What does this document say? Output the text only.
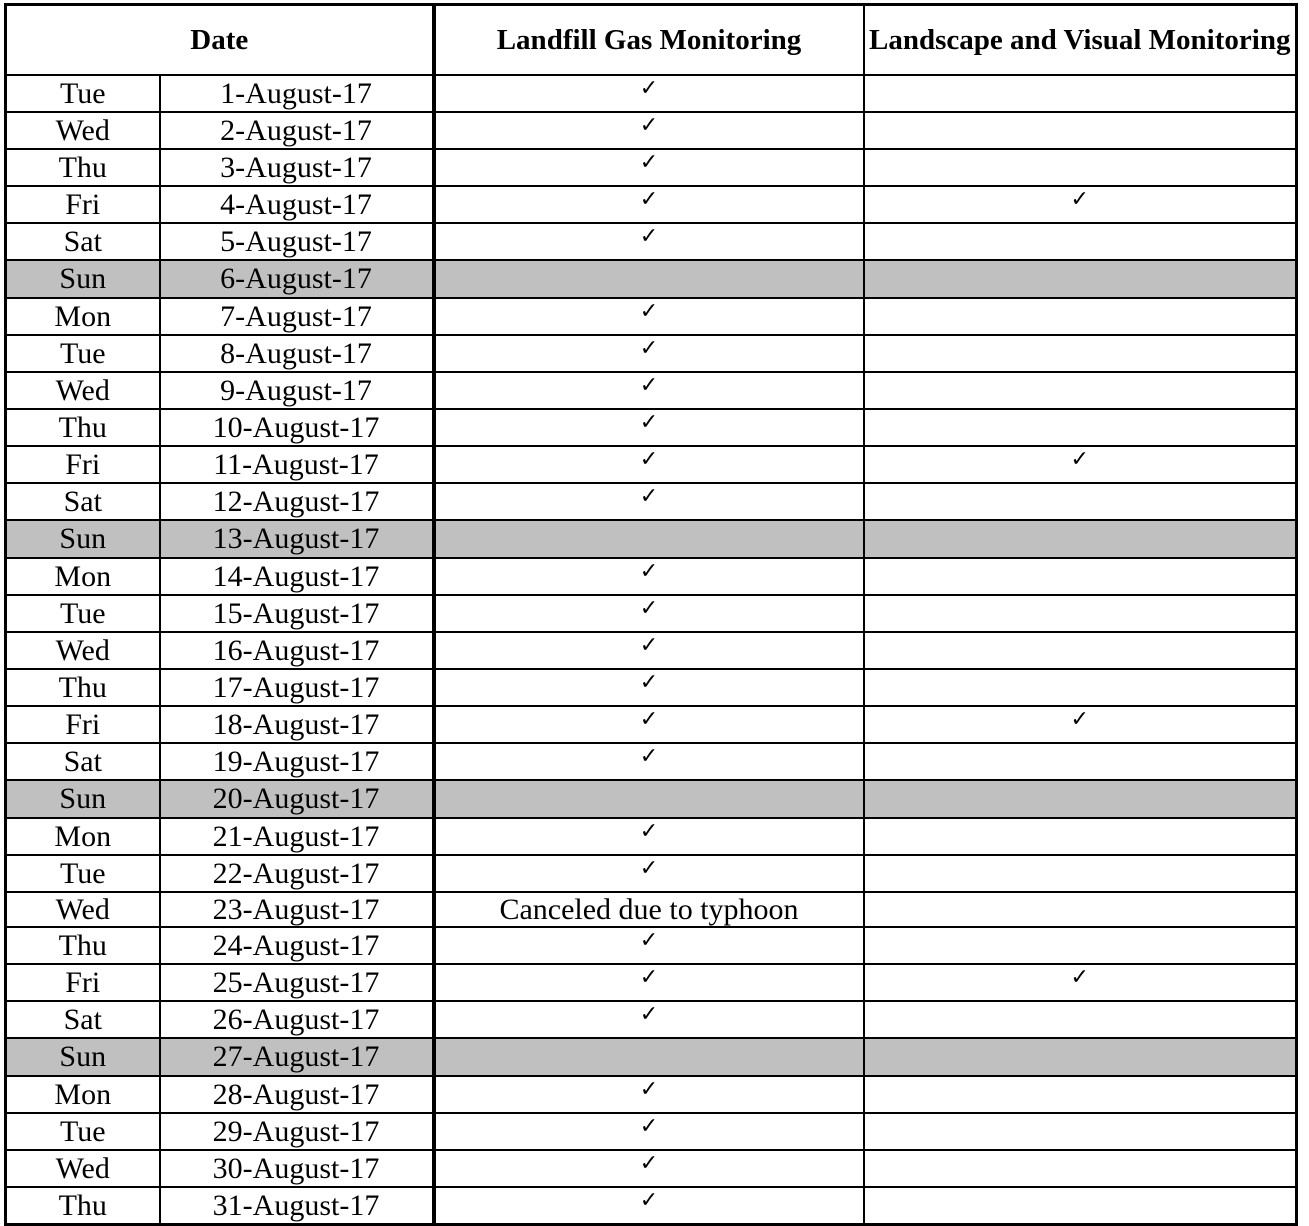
Date		Landfill Gas Monitoring	Landscape and Visual Monitoring
Tue	1-August-17	✓	
Wed	2-August-17	✓	
Thu	3-August-17	✓	
Fri	4-August-17	✓	✓
Sat	5-August-17	✓	
Sun	6-August-17		
Mon	7-August-17	✓	
Tue	8-August-17	✓	
Wed	9-August-17	✓	
Thu	10-August-17	✓	
Fri	11-August-17	✓	✓
Sat	12-August-17	✓	
Sun	13-August-17		
Mon	14-August-17	✓	
Tue	15-August-17	✓	
Wed	16-August-17	✓	
Thu	17-August-17	✓	
Fri	18-August-17	✓	✓
Sat	19-August-17	✓	
Sun	20-August-17		
Mon	21-August-17	✓	
Tue	22-August-17	✓	
Wed	23-August-17	Canceled due to typhoon	
Thu	24-August-17	✓	
Fri	25-August-17	✓	✓
Sat	26-August-17	✓	
Sun	27-August-17		
Mon	28-August-17	✓	
Tue	29-August-17	✓	
Wed	30-August-17	✓	
Thu	31-August-17	✓	
